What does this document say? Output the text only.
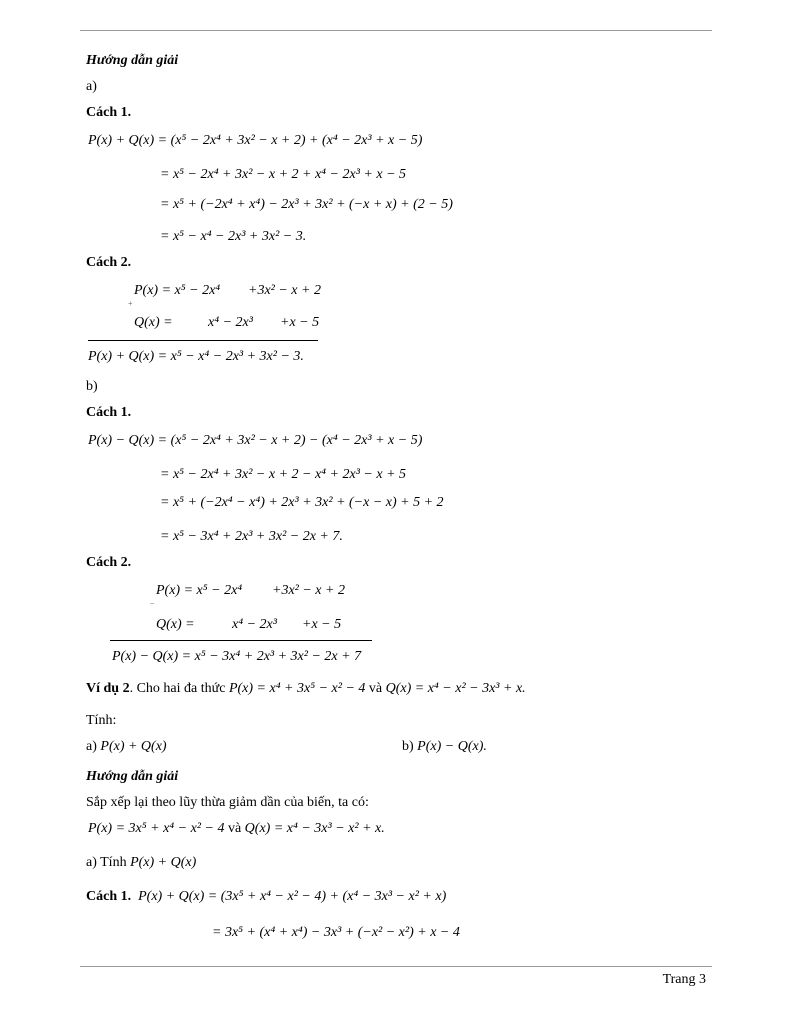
Hướng dẫn giải
a)
Cách 1.
P(x) + Q(x) = (x⁵ − 2x⁴ + 3x² − x + 2) + (x⁴ − 2x³ + x − 5)
= x⁵ − 2x⁴ + 3x² − x + 2 + x⁴ − 2x³ + x − 5
= x⁵ + (−2x⁴ + x⁴) − 2x³ + 3x² + (−x + x) + (2 − 5)
= x⁵ − x⁴ − 2x³ + 3x² − 3.
Cách 2.
P(x) = x⁵ − 2x⁴ +3x² − x + 2
+
Q(x) =	x⁴ − 2x³ +x − 5
P(x) + Q(x) = x⁵ − x⁴ − 2x³ + 3x² − 3.
b)
Cách 1.
P(x) − Q(x) = (x⁵ − 2x⁴ + 3x² − x + 2) − (x⁴ − 2x³ + x − 5)
= x⁵ − 2x⁴ + 3x² − x + 2 − x⁴ + 2x³ − x + 5
= x⁵ + (−2x⁴ − x⁴) + 2x³ + 3x² + (−x − x) + 5 + 2
= x⁵ − 3x⁴ + 2x³ + 3x² − 2x + 7.
Cách 2.
P(x) = x⁵ − 2x⁴ +3x² − x + 2
−
Q(x) =	x⁴ − 2x³ +x − 5
P(x) − Q(x) = x⁵ − 3x⁴ + 2x³ + 3x² − 2x + 7
Ví dụ 2. Cho hai đa thức P(x) = x⁴ + 3x⁵ − x² − 4 và Q(x) = x⁴ − x² − 3x³ + x.
Tính:
a) P(x) + Q(x)	b) P(x) − Q(x).
Hướng dẫn giải
Sắp xếp lại theo lũy thừa giảm dần của biến, ta có:
P(x) = 3x⁵ + x⁴ − x² − 4 và Q(x) = x⁴ − 3x³ − x² + x.
a) Tính P(x) + Q(x)
Cách 1. P(x) + Q(x) = (3x⁵ + x⁴ − x² − 4) + (x⁴ − 3x³ − x² + x)
= 3x⁵ + (x⁴ + x⁴) − 3x³ + (−x² − x²) + x − 4
Trang 3
